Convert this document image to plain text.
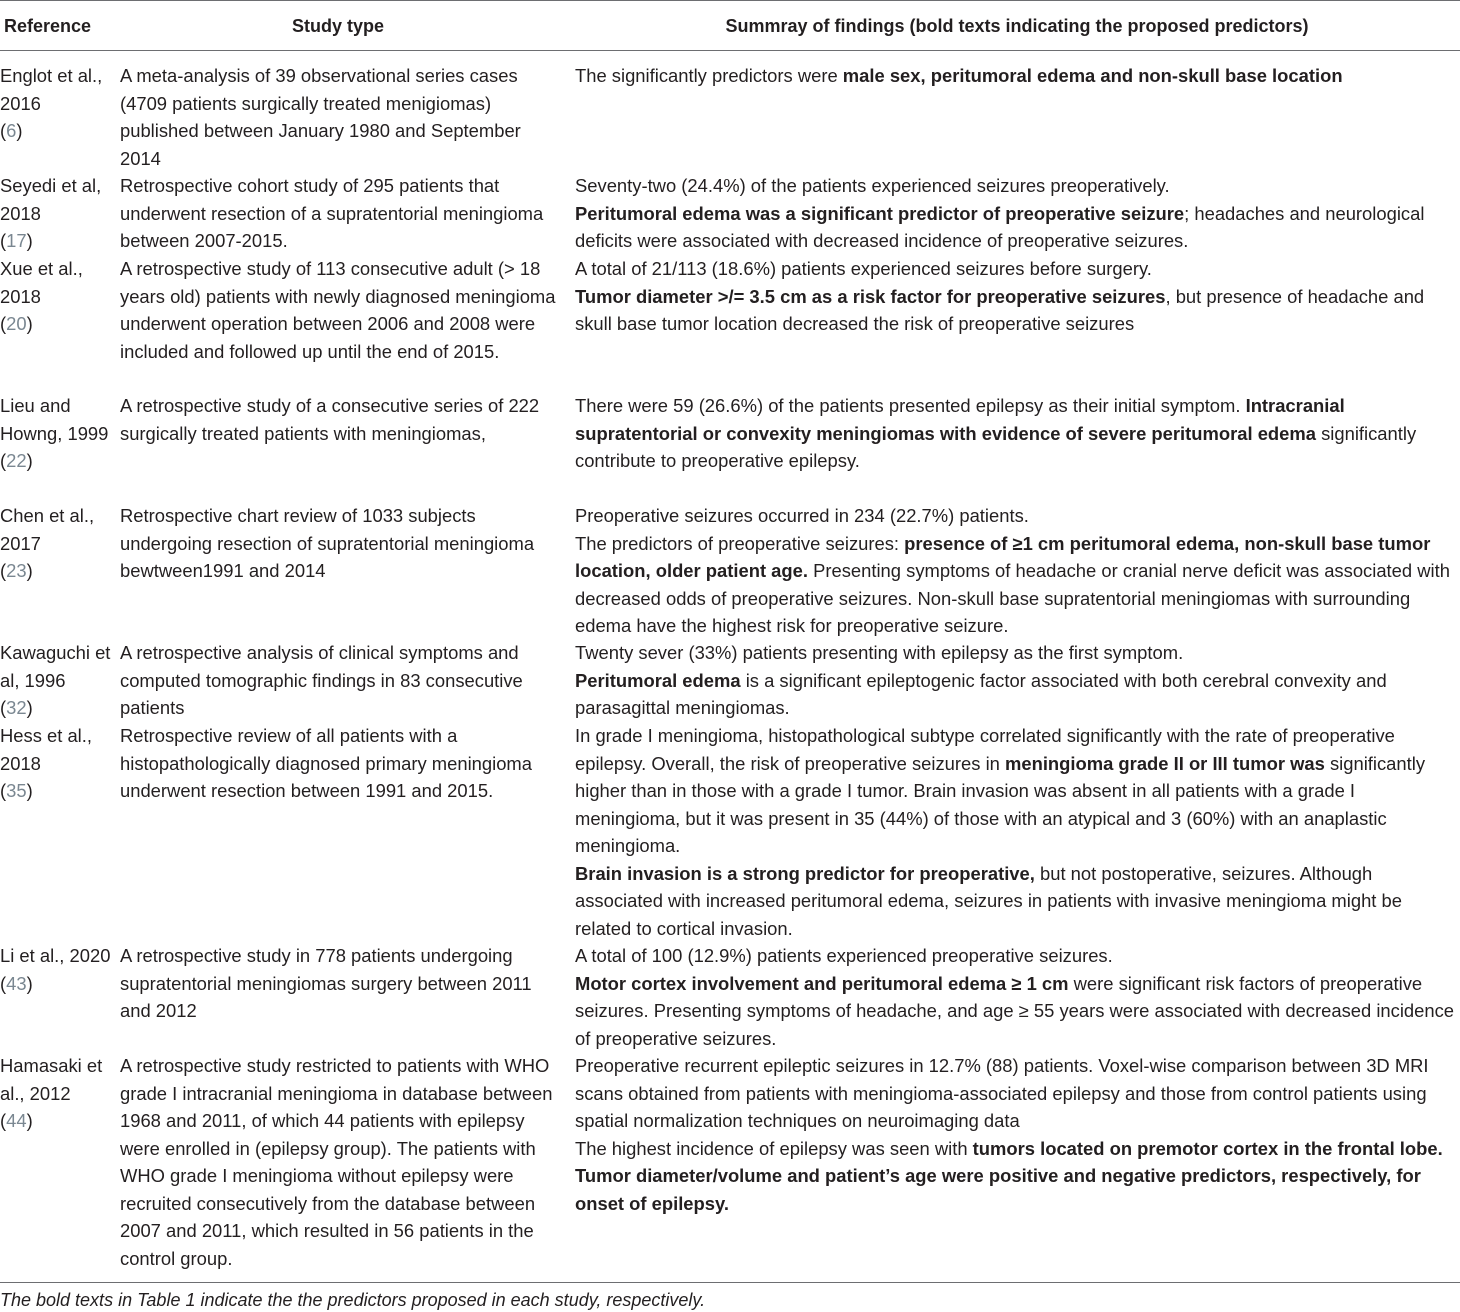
Reference	Study type	Summray of findings (bold texts indicating the proposed predictors)
Englot et al., 2016
(6)
A meta-analysis of 39 observational series cases (4709 patients surgically treated menigiomas) published between January 1980 and September 2014
The significantly predictors were male sex, peritumoral edema and non-skull base location
Seyedi et al, 2018
(17)
Retrospective cohort study of 295 patients that underwent resection of a supratentorial meningioma between 2007-2015.
Seventy-two (24.4%) of the patients experienced seizures preoperatively.
Peritumoral edema was a significant predictor of preoperative seizure; headaches and neurological deficits were associated with decreased incidence of preoperative seizures.
Xue et al., 2018
(20)
A retrospective study of 113 consecutive adult (> 18 years old) patients with newly diagnosed meningioma underwent operation between 2006 and 2008 were included and followed up until the end of 2015.
A total of 21/113 (18.6%) patients experienced seizures before surgery.
Tumor diameter >/= 3.5 cm as a risk factor for preoperative seizures, but presence of headache and skull base tumor location decreased the risk of preoperative seizures
Lieu and Howng, 1999
(22)
A retrospective study of a consecutive series of 222 surgically treated patients with meningiomas,
There were 59 (26.6%) of the patients presented epilepsy as their initial symptom. Intracranial supratentorial or convexity meningiomas with evidence of severe peritumoral edema significantly contribute to preoperative epilepsy.
Chen et al., 2017
(23)
Retrospective chart review of 1033 subjects undergoing resection of supratentorial meningioma bewtween1991 and 2014
Preoperative seizures occurred in 234 (22.7%) patients.
The predictors of preoperative seizures: presence of ≥1 cm peritumoral edema, non-skull base tumor location, older patient age. Presenting symptoms of headache or cranial nerve deficit was associated with decreased odds of preoperative seizures. Non-skull base supratentorial meningiomas with surrounding edema have the highest risk for preoperative seizure.
Kawaguchi et al, 1996
(32)
A retrospective analysis of clinical symptoms and computed tomographic findings in 83 consecutive patients
Twenty sever (33%) patients presenting with epilepsy as the first symptom.
Peritumoral edema is a significant epileptogenic factor associated with both cerebral convexity and parasagittal meningiomas.
Hess et al., 2018
(35)
Retrospective review of all patients with a histopathologically diagnosed primary meningioma underwent resection between 1991 and 2015.
In grade I meningioma, histopathological subtype correlated significantly with the rate of preoperative epilepsy. Overall, the risk of preoperative seizures in meningioma grade II or III tumor was significantly higher than in those with a grade I tumor. Brain invasion was absent in all patients with a grade I meningioma, but it was present in 35 (44%) of those with an atypical and 3 (60%) with an anaplastic meningioma.
Brain invasion is a strong predictor for preoperative, but not postoperative, seizures. Although associated with increased peritumoral edema, seizures in patients with invasive meningioma might be related to cortical invasion.
Li et al., 2020
(43)
A retrospective study in 778 patients undergoing supratentorial meningiomas surgery between 2011 and 2012
A total of 100 (12.9%) patients experienced preoperative seizures.
Motor cortex involvement and peritumoral edema ≥ 1 cm were significant risk factors of preoperative seizures. Presenting symptoms of headache, and age ≥ 55 years were associated with decreased incidence of preoperative seizures.
Hamasaki et al., 2012
(44)
A retrospective study restricted to patients with WHO grade I intracranial meningioma in database between 1968 and 2011, of which 44 patients with epilepsy were enrolled in (epilepsy group). The patients with WHO grade I meningioma without epilepsy were recruited consecutively from the database between 2007 and 2011, which resulted in 56 patients in the control group.
Preoperative recurrent epileptic seizures in 12.7% (88) patients. Voxel-wise comparison between 3D MRI scans obtained from patients with meningioma-associated epilepsy and those from control patients using spatial normalization techniques on neuroimaging data
The highest incidence of epilepsy was seen with tumors located on premotor cortex in the frontal lobe. Tumor diameter/volume and patient’s age were positive and negative predictors, respectively, for onset of epilepsy.
The bold texts in Table 1 indicate the the predictors proposed in each study, respectively.
